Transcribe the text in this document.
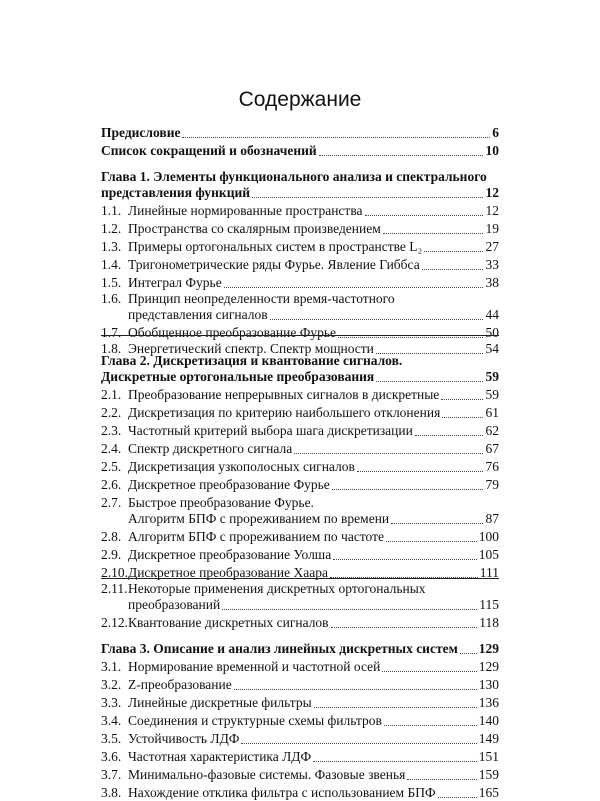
Содержание
Предисловие	6
Список сокращений и обозначений	10
Глава 1. Элементы функционального анализа и спектрального
представления функций	12
1.1. Линейные нормированные пространства	12
1.2. Пространства со скалярным произведением	19
1.3. Примеры ортогональных систем в пространстве L₂	27
1.4. Тригонометрические ряды Фурье. Явление Гиббса	33
1.5. Интеграл Фурье	38
1.6. Принцип неопределенности время-частотного
представления сигналов	44
1.7. Обобщенное преобразование Фурье	50
1.8. Энергетический спектр. Спектр мощности	54
Глава 2. Дискретизация и квантование сигналов.
Дискретные ортогональные преобразования	59
2.1. Преобразование непрерывных сигналов в дискретные	59
2.2. Дискретизация по критерию наибольшего отклонения	61
2.3. Частотный критерий выбора шага дискретизации	62
2.4. Спектр дискретного сигнала	67
2.5. Дискретизация узкополосных сигналов	76
2.6. Дискретное преобразование Фурье	79
2.7. Быстрое преобразование Фурье.
Алгоритм БПФ с прореживанием по времени	87
2.8. Алгоритм БПФ с прореживанием по частоте	100
2.9. Дискретное преобразование Уолша	105
2.10. Дискретное преобразование Хаара	111
2.11. Некоторые применения дискретных ортогональных
преобразований	115
2.12. Квантование дискретных сигналов	118
Глава 3. Описание и анализ линейных дискретных систем 129
3.1. Нормирование временной и частотной осей	129
3.2. Z-преобразование	130
3.3. Линейные дискретные фильтры	136
3.4. Соединения и структурные схемы фильтров	140
3.5. Устойчивость ЛДФ	149
3.6. Частотная характеристика ЛДФ	151
3.7. Минимально-фазовые системы. Фазовые звенья	159
3.8. Нахождение отклика фильтра с использованием БПФ	165
